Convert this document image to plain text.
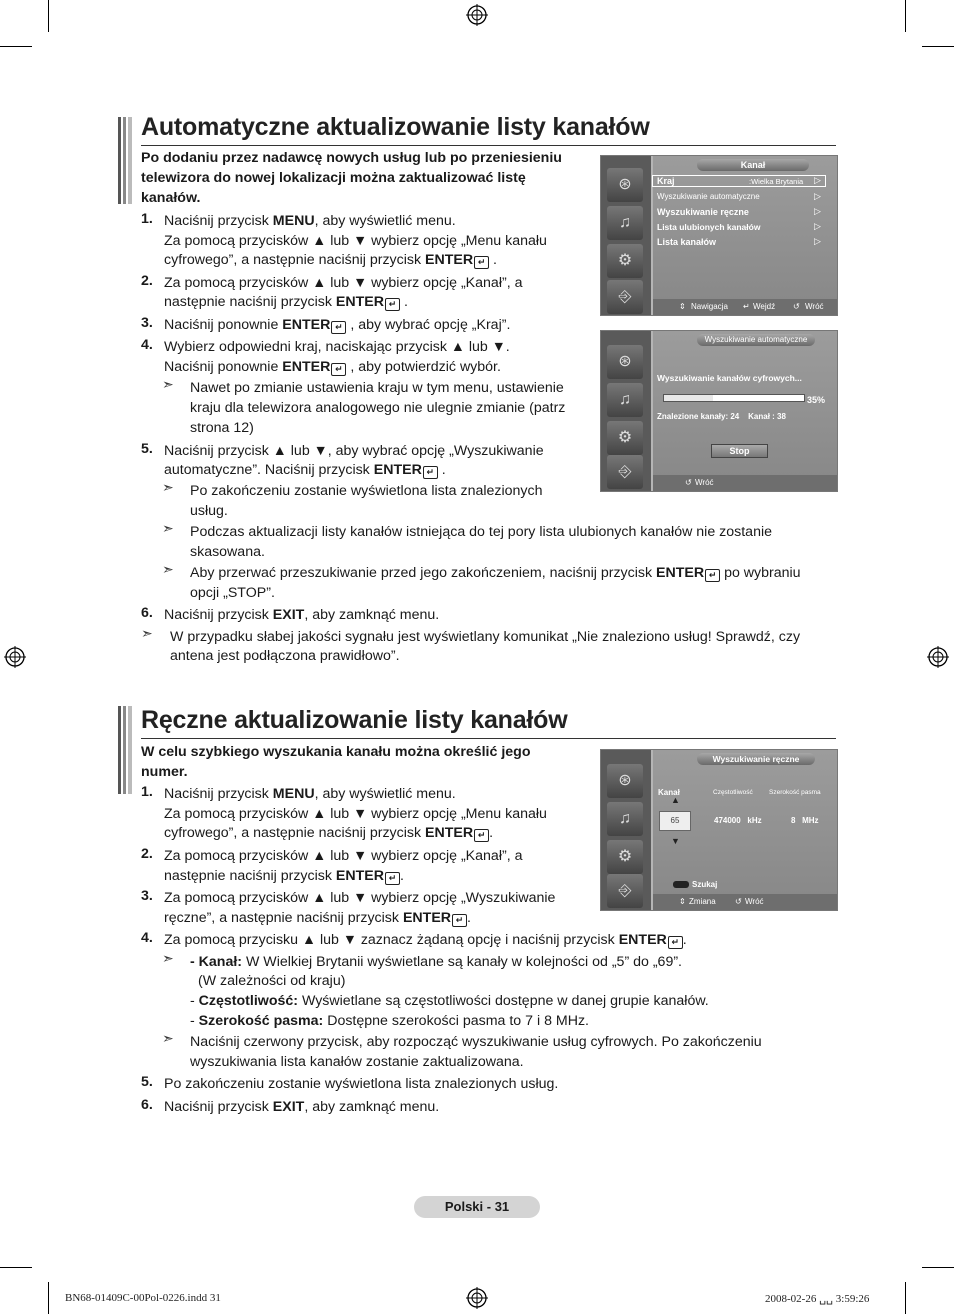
Automatyczne aktualizowanie listy kanałów
Po dodaniu przez nadawcę nowych usług lub po przeniesieniu
telewizora do nowej lokalizacji można zaktualizować listę
kanałów.
1. Naciśnij przycisk MENU, aby wyświetlić menu.
Za pomocą przycisków ▲ lub ▼ wybierz opcję „Menu kanału
cyfrowego”, a następnie naciśnij przycisk ENTER ↵ .
2. Za pomocą przycisków ▲ lub ▼ wybierz opcję „Kanał”, a
następnie naciśnij przycisk ENTER ↵ .
3. Naciśnij ponownie ENTER ↵ , aby wybrać opcję „Kraj”.
4. Wybierz odpowiedni kraj, naciskając przycisk ▲ lub ▼.
Naciśnij ponownie ENTER ↵ , aby potwierdzić wybór.
➣ Nawet po zmianie ustawienia kraju w tym menu, ustawienie
kraju dla telewizora analogowego nie ulegnie zmianie (patrz
strona 12)
5. Naciśnij przycisk ▲ lub ▼, aby wybrać opcję „Wyszukiwanie
automatyczne”. Naciśnij przycisk ENTER ↵ .
➣ Po zakończeniu zostanie wyświetlona lista znalezionych
usług.
➣ Podczas aktualizacji listy kanałów istniejąca do tej pory lista ulubionych kanałów nie zostanie
skasowana.
➣ Aby przerwać przeszukiwanie przed jego zakończeniem, naciśnij przycisk ENTER ↵ po wybraniu
opcji „STOP”.
6. Naciśnij przycisk EXIT, aby zamknąć menu.
➣ W przypadku słabej jakości sygnału jest wyświetlany komunikat „Nie znaleziono usług! Sprawdź, czy
antena jest podłączona prawidłowo”.
⊛
♫
⚙
⎆
Kanał
Kraj	:Wielka Brytania ▷
Wyszukiwanie automatyczne	▷
Wyszukiwanie ręczne	▷
Lista ulubionych kanałów	▷
Lista kanałów	▷
⇕ Nawigacja ↵ Wejdź ↺ Wróć
⊛
♫
⚙
⎆
Wyszukiwanie automatyczne
Wyszukiwanie kanałów cyfrowych...
35%
Znalezione kanały: 24    Kanał : 38
Stop
↺ Wróć
Ręczne aktualizowanie listy kanałów
W celu szybkiego wyszukania kanału można określić jego
numer.
1. Naciśnij przycisk MENU, aby wyświetlić menu.
Za pomocą przycisków ▲ lub ▼ wybierz opcję „Menu kanału
cyfrowego”, a następnie naciśnij przycisk ENTER ↵ .
2. Za pomocą przycisków ▲ lub ▼ wybierz opcję „Kanał”, a
następnie naciśnij przycisk ENTER ↵ .
3. Za pomocą przycisków ▲ lub ▼ wybierz opcję „Wyszukiwanie
ręczne”, a następnie naciśnij przycisk ENTER ↵ .
4. Za pomocą przycisku ▲ lub ▼ zaznacz żądaną opcję i naciśnij przycisk ENTER ↵ .
➣ - Kanał: W Wielkiej Brytanii wyświetlane są kanały w kolejności od „5” do „69”.
(W zależności od kraju)
- Częstotliwość: Wyświetlane są częstotliwości dostępne w danej grupie kanałów.
- Szerokość pasma: Dostępne szerokości pasma to 7 i 8 MHz.
➣ Naciśnij czerwony przycisk, aby rozpocząć wyszukiwanie usług cyfrowych. Po zakończeniu
wyszukiwania lista kanałów zostanie zaktualizowana.
5. Po zakończeniu zostanie wyświetlona lista znalezionych usług.
6. Naciśnij przycisk EXIT, aby zamknąć menu.
⊛
♫
⚙
⎆
Wyszukiwanie ręczne
Kanał	Częstotliwość	Szerokość pasma
▲
65	474000   kHz	8   MHz
▼
Szukaj
⇕ Zmiana ↺ Wróć
Polski - 31
BN68-01409C-00Pol-0226.indd 31	2008-02-26 ␣␣ 3:59:26
